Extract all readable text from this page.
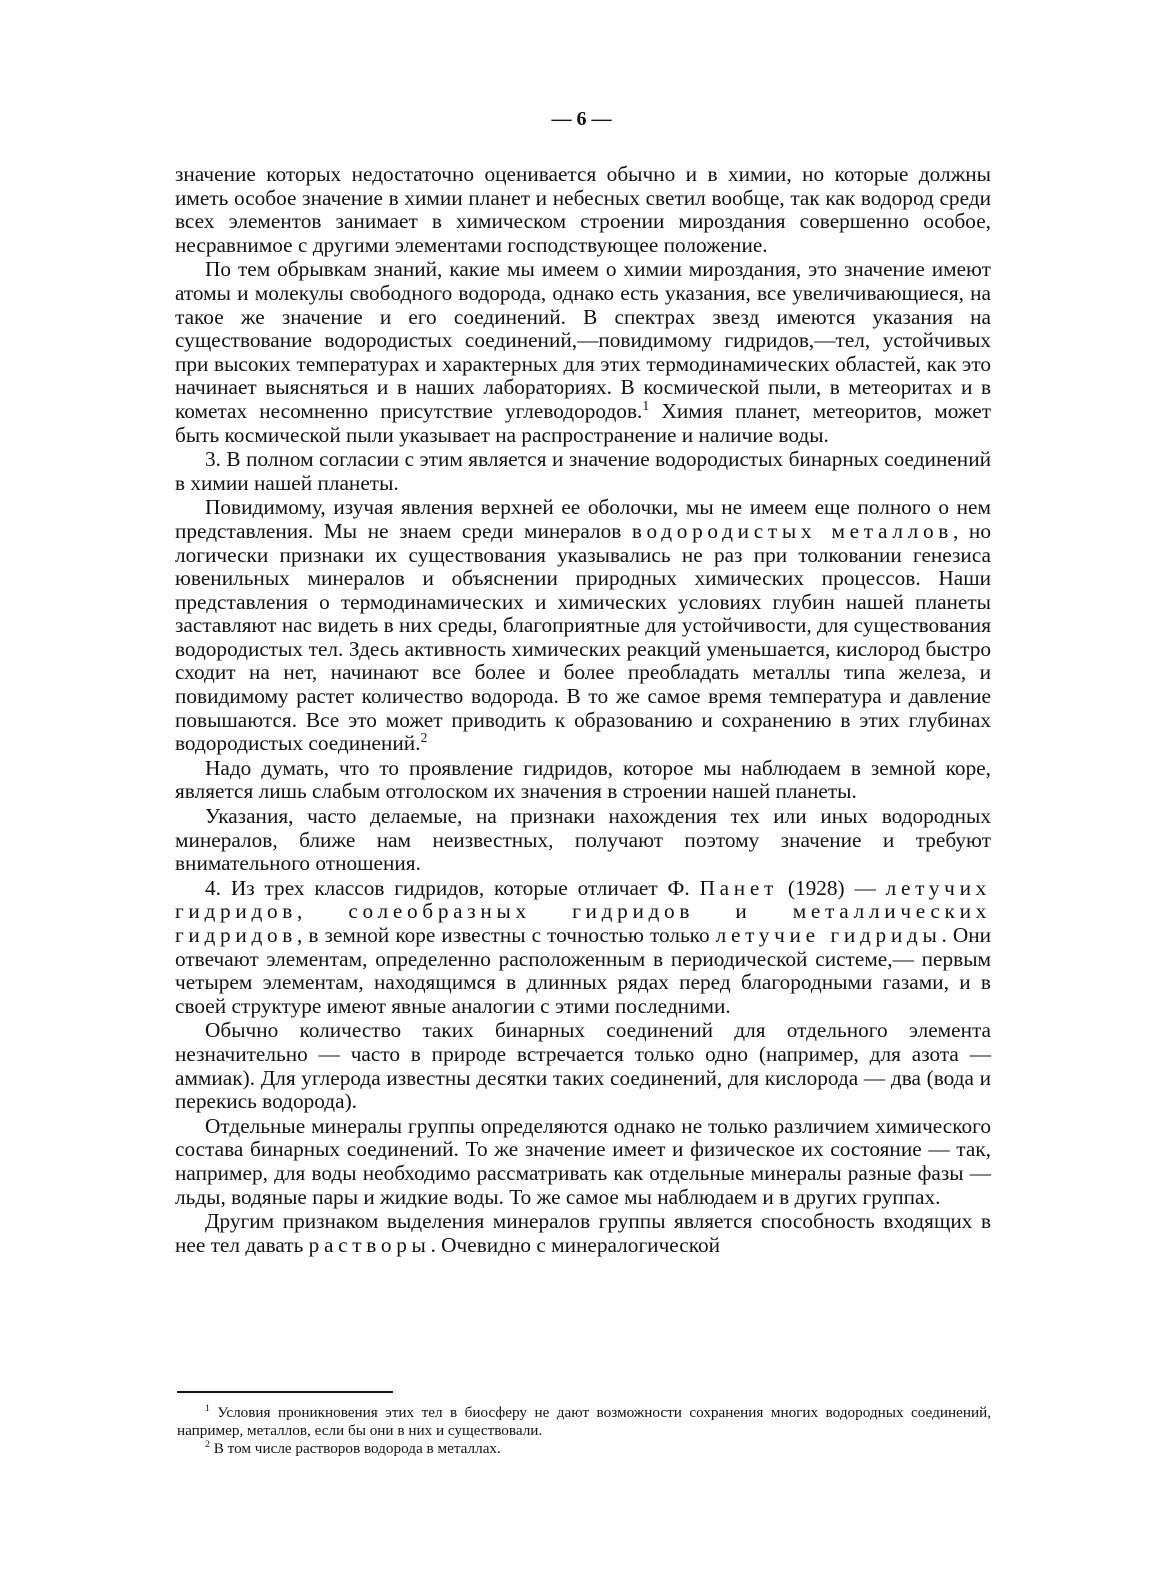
— 6 —

значение которых недостаточно оценивается обычно и в химии, но которые должны иметь особое значение в химии планет и небесных светил вообще, так как водород среди всех элементов занимает в химическом строении мироздания совершенно особое, несравнимое с другими элементами господствующее положение.

По тем обрывкам знаний, какие мы имеем о химии мироздания, это значение имеют атомы и молекулы свободного водорода, однако есть указания, все увеличивающиеся, на такое же значение и его соединений. В спектрах звезд имеются указания на существование водородистых соединений,—повидимому гидридов,—тел, устойчивых при высоких температурах и характерных для этих термодинамических областей, как это начинает выясняться и в наших лабораториях. В космической пыли, в метеоритах и в кометах несомненно присутствие углеводородов.$^1$ Химия планет, метеоритов, может быть космической пыли указывает на распространение и наличие воды.

3. В полном согласии с этим является и значение водородистых бинарных соединений в химии нашей планеты.

Повидимому, изучая явления верхней ее оболочки, мы не имеем еще полного о нем представления. Мы не знаем среди минералов водородистых металлов, но логически признаки их существования указывались не раз при толковании генезиса ювенильных минералов и объяснении природных химических процессов. Наши представления о термодинамических и химических условиях глубин нашей планеты заставляют нас видеть в них среды, благоприятные для устойчивости, для существования водородистых тел. Здесь активность химических реакций уменьшается, кислород быстро сходит на нет, начинают все более и более преобладать металлы типа железа, и повидимому растет количество водорода. В то же самое время температура и давление повышаются. Все это может приводить к образованию и сохранению в этих глубинах водородистых соединений.$^2$

Надо думать, что то проявление гидридов, которое мы наблюдаем в земной коре, является лишь слабым отголоском их значения в строении нашей планеты.

Указания, часто делаемые, на признаки нахождения тех или иных водородных минералов, ближе нам неизвестных, получают поэтому значение и требуют внимательного отношения.

4. Из трех классов гидридов, которые отличает Ф. Панет (1928) — летучих гидридов, солеобразных гидридов и металлических гидридов, в земной коре известны с точностью только летучие гидриды. Они отвечают элементам, определенно расположенным в периодической системе,— первым четырем элементам, находящимся в длинных рядах перед благородными газами, и в своей структуре имеют явные аналогии с этими последними.

Обычно количество таких бинарных соединений для отдельного элемента незначительно — часто в природе встречается только одно (например, для азота — аммиак). Для углерода известны десятки таких соединений, для кислорода — два (вода и перекись водорода).

Отдельные минералы группы определяются однако не только различием химического состава бинарных соединений. То же значение имеет и физическое их состояние — так, например, для воды необходимо рассматривать как отдельные минералы разные фазы — льды, водяные пары и жидкие воды. То же самое мы наблюдаем и в других группах.

Другим признаком выделения минералов группы является способность входящих в нее тел давать растворы. Очевидно с минералогической

$^1$ Условия проникновения этих тел в биосферу не дают возможности сохранения многих водородных соединений, например, металлов, если бы они в них и существовали.

$^2$ В том числе растворов водорода в металлах.
